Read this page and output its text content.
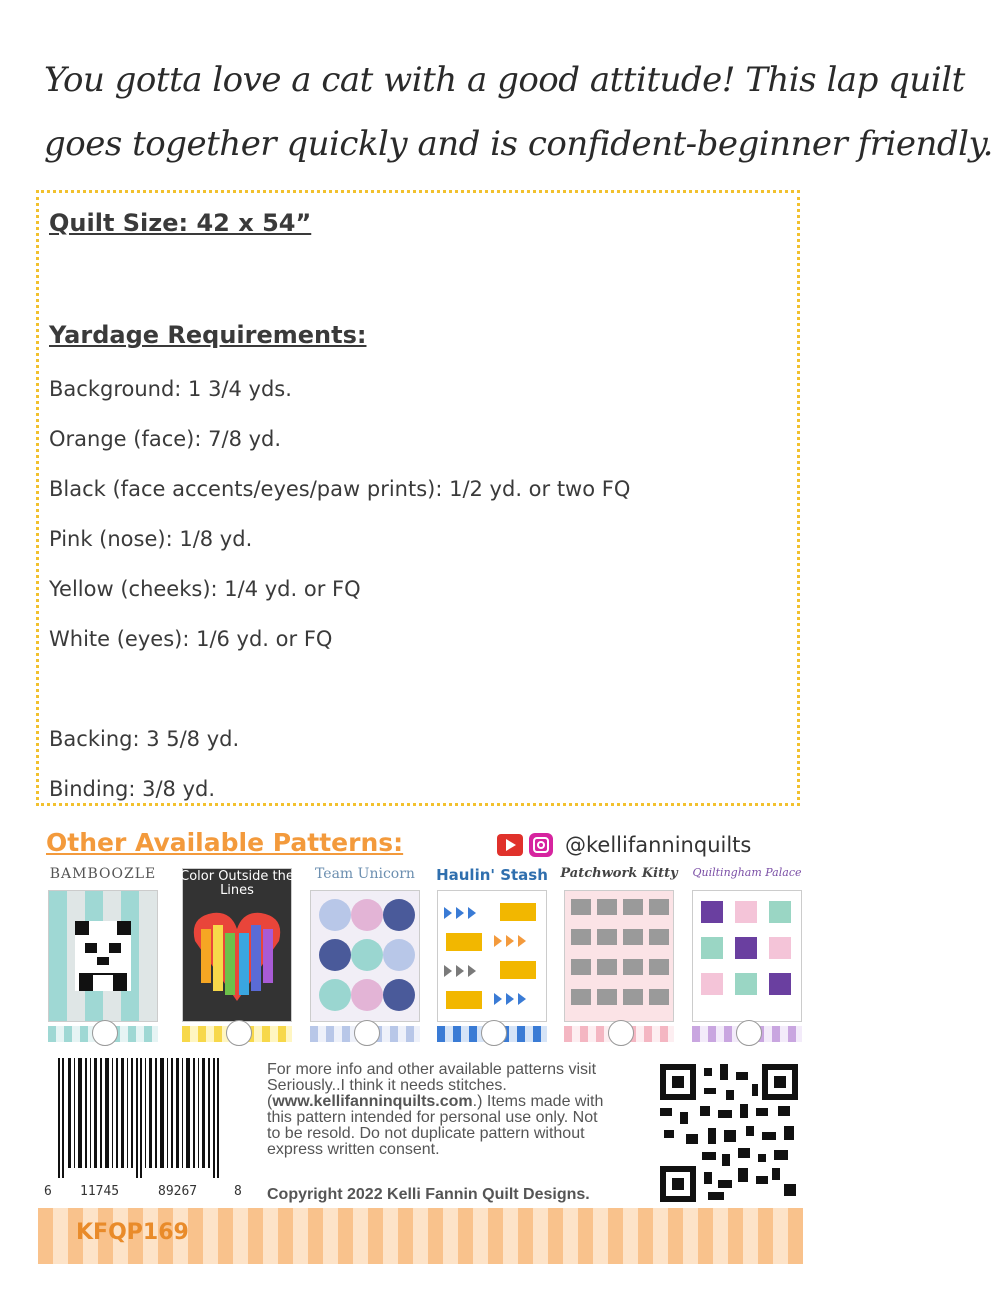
You gotta love a cat with a good attitude! This lap quilt
goes together quickly and is confident-beginner friendly.
Quilt Size: 42 x 54”
Yardage Requirements:
Background: 1 3/4 yds.
Orange (face): 7/8 yd.
Black (face accents/eyes/paw prints): 1/2 yd. or two FQ
Pink (nose): 1/8 yd.
Yellow (cheeks): 1/4 yd. or FQ
White (eyes): 1/6 yd. or FQ
Backing: 3 5/8 yd.
Binding: 3/8 yd.
Other Available Patterns:	@kellifanninquilts
BAMBOOZLE	Color Outside the Lines
Team Unicorn	Haulin' Stash Patchwork Kitty	Quiltingham Palace
6 11745	89267	8
For more info and other available patterns visit
Seriously..I think it needs stitches.
(www.kellifanninquilts.com.) Items made with
this pattern intended for personal use only. Not
to be resold. Do not duplicate pattern without
express written consent.
Copyright 2022 Kelli Fannin Quilt Designs.
KFQP169
